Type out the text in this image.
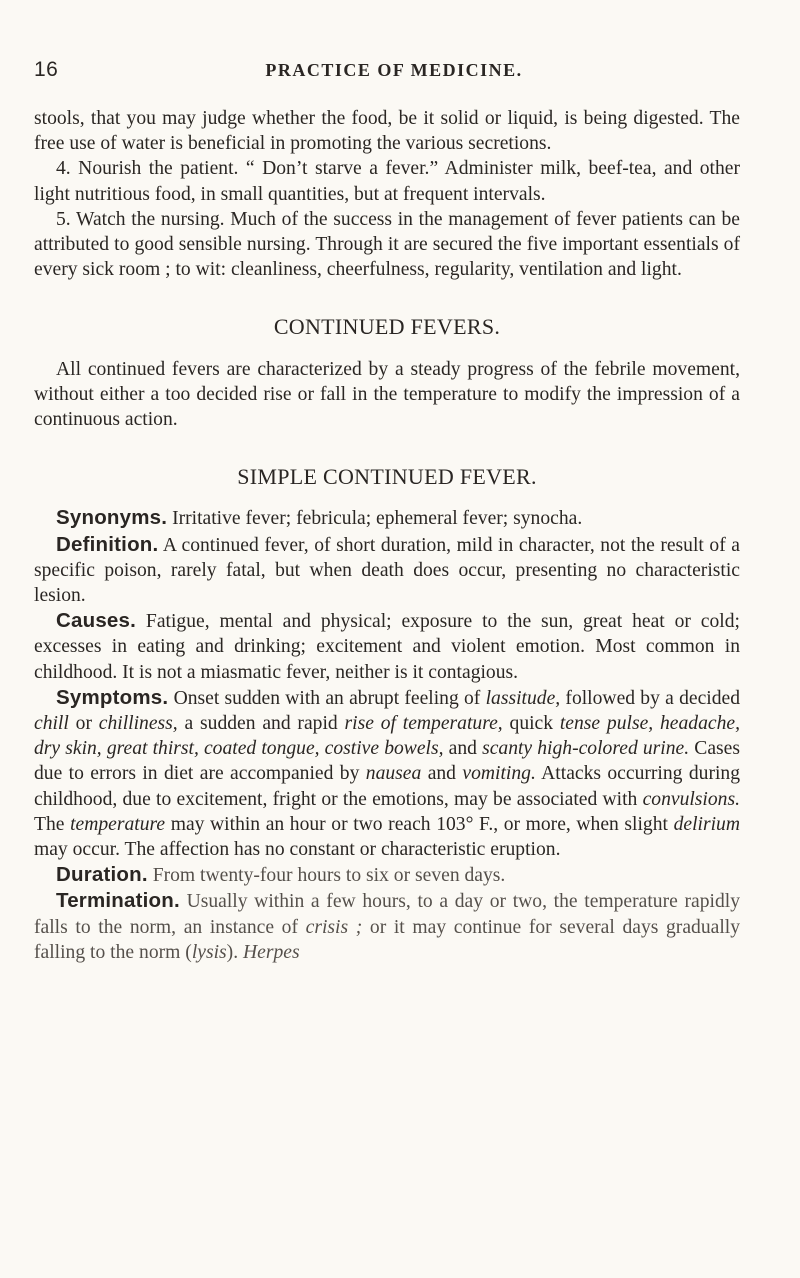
16	PRACTICE OF MEDICINE.

stools, that you may judge whether the food, be it solid or liquid, is being digested. The free use of water is beneficial in promoting the various secretions.

4. Nourish the patient. “ Don’t starve a fever.” Administer milk, beef-tea, and other light nutritious food, in small quantities, but at frequent intervals.

5. Watch the nursing. Much of the success in the management of fever patients can be attributed to good sensible nursing. Through it are secured the five important essentials of every sick room ; to wit: cleanliness, cheerfulness, regularity, ventilation and light.

CONTINUED FEVERS.

All continued fevers are characterized by a steady progress of the febrile movement, without either a too decided rise or fall in the temperature to modify the impression of a continuous action.

SIMPLE CONTINUED FEVER.

Synonyms. Irritative fever; febricula; ephemeral fever; synocha.

Definition. A continued fever, of short duration, mild in character, not the result of a specific poison, rarely fatal, but when death does occur, presenting no characteristic lesion.

Causes. Fatigue, mental and physical; exposure to the sun, great heat or cold; excesses in eating and drinking; excitement and violent emotion. Most common in childhood. It is not a miasmatic fever, neither is it contagious.

Symptoms. Onset sudden with an abrupt feeling of lassitude, followed by a decided chill or chilliness, a sudden and rapid rise of temperature, quick tense pulse, headache, dry skin, great thirst, coated tongue, costive bowels, and scanty high-colored urine. Cases due to errors in diet are accompanied by nausea and vomiting. Attacks occurring during childhood, due to excitement, fright or the emotions, may be associated with convulsions. The temperature may within an hour or two reach 103° F., or more, when slight delirium may occur. The affection has no constant or characteristic eruption.

Duration. From twenty-four hours to six or seven days.

Termination. Usually within a few hours, to a day or two, the temperature rapidly falls to the norm, an instance of crisis ; or it may continue for several days gradually falling to the norm (lysis). Herpes
